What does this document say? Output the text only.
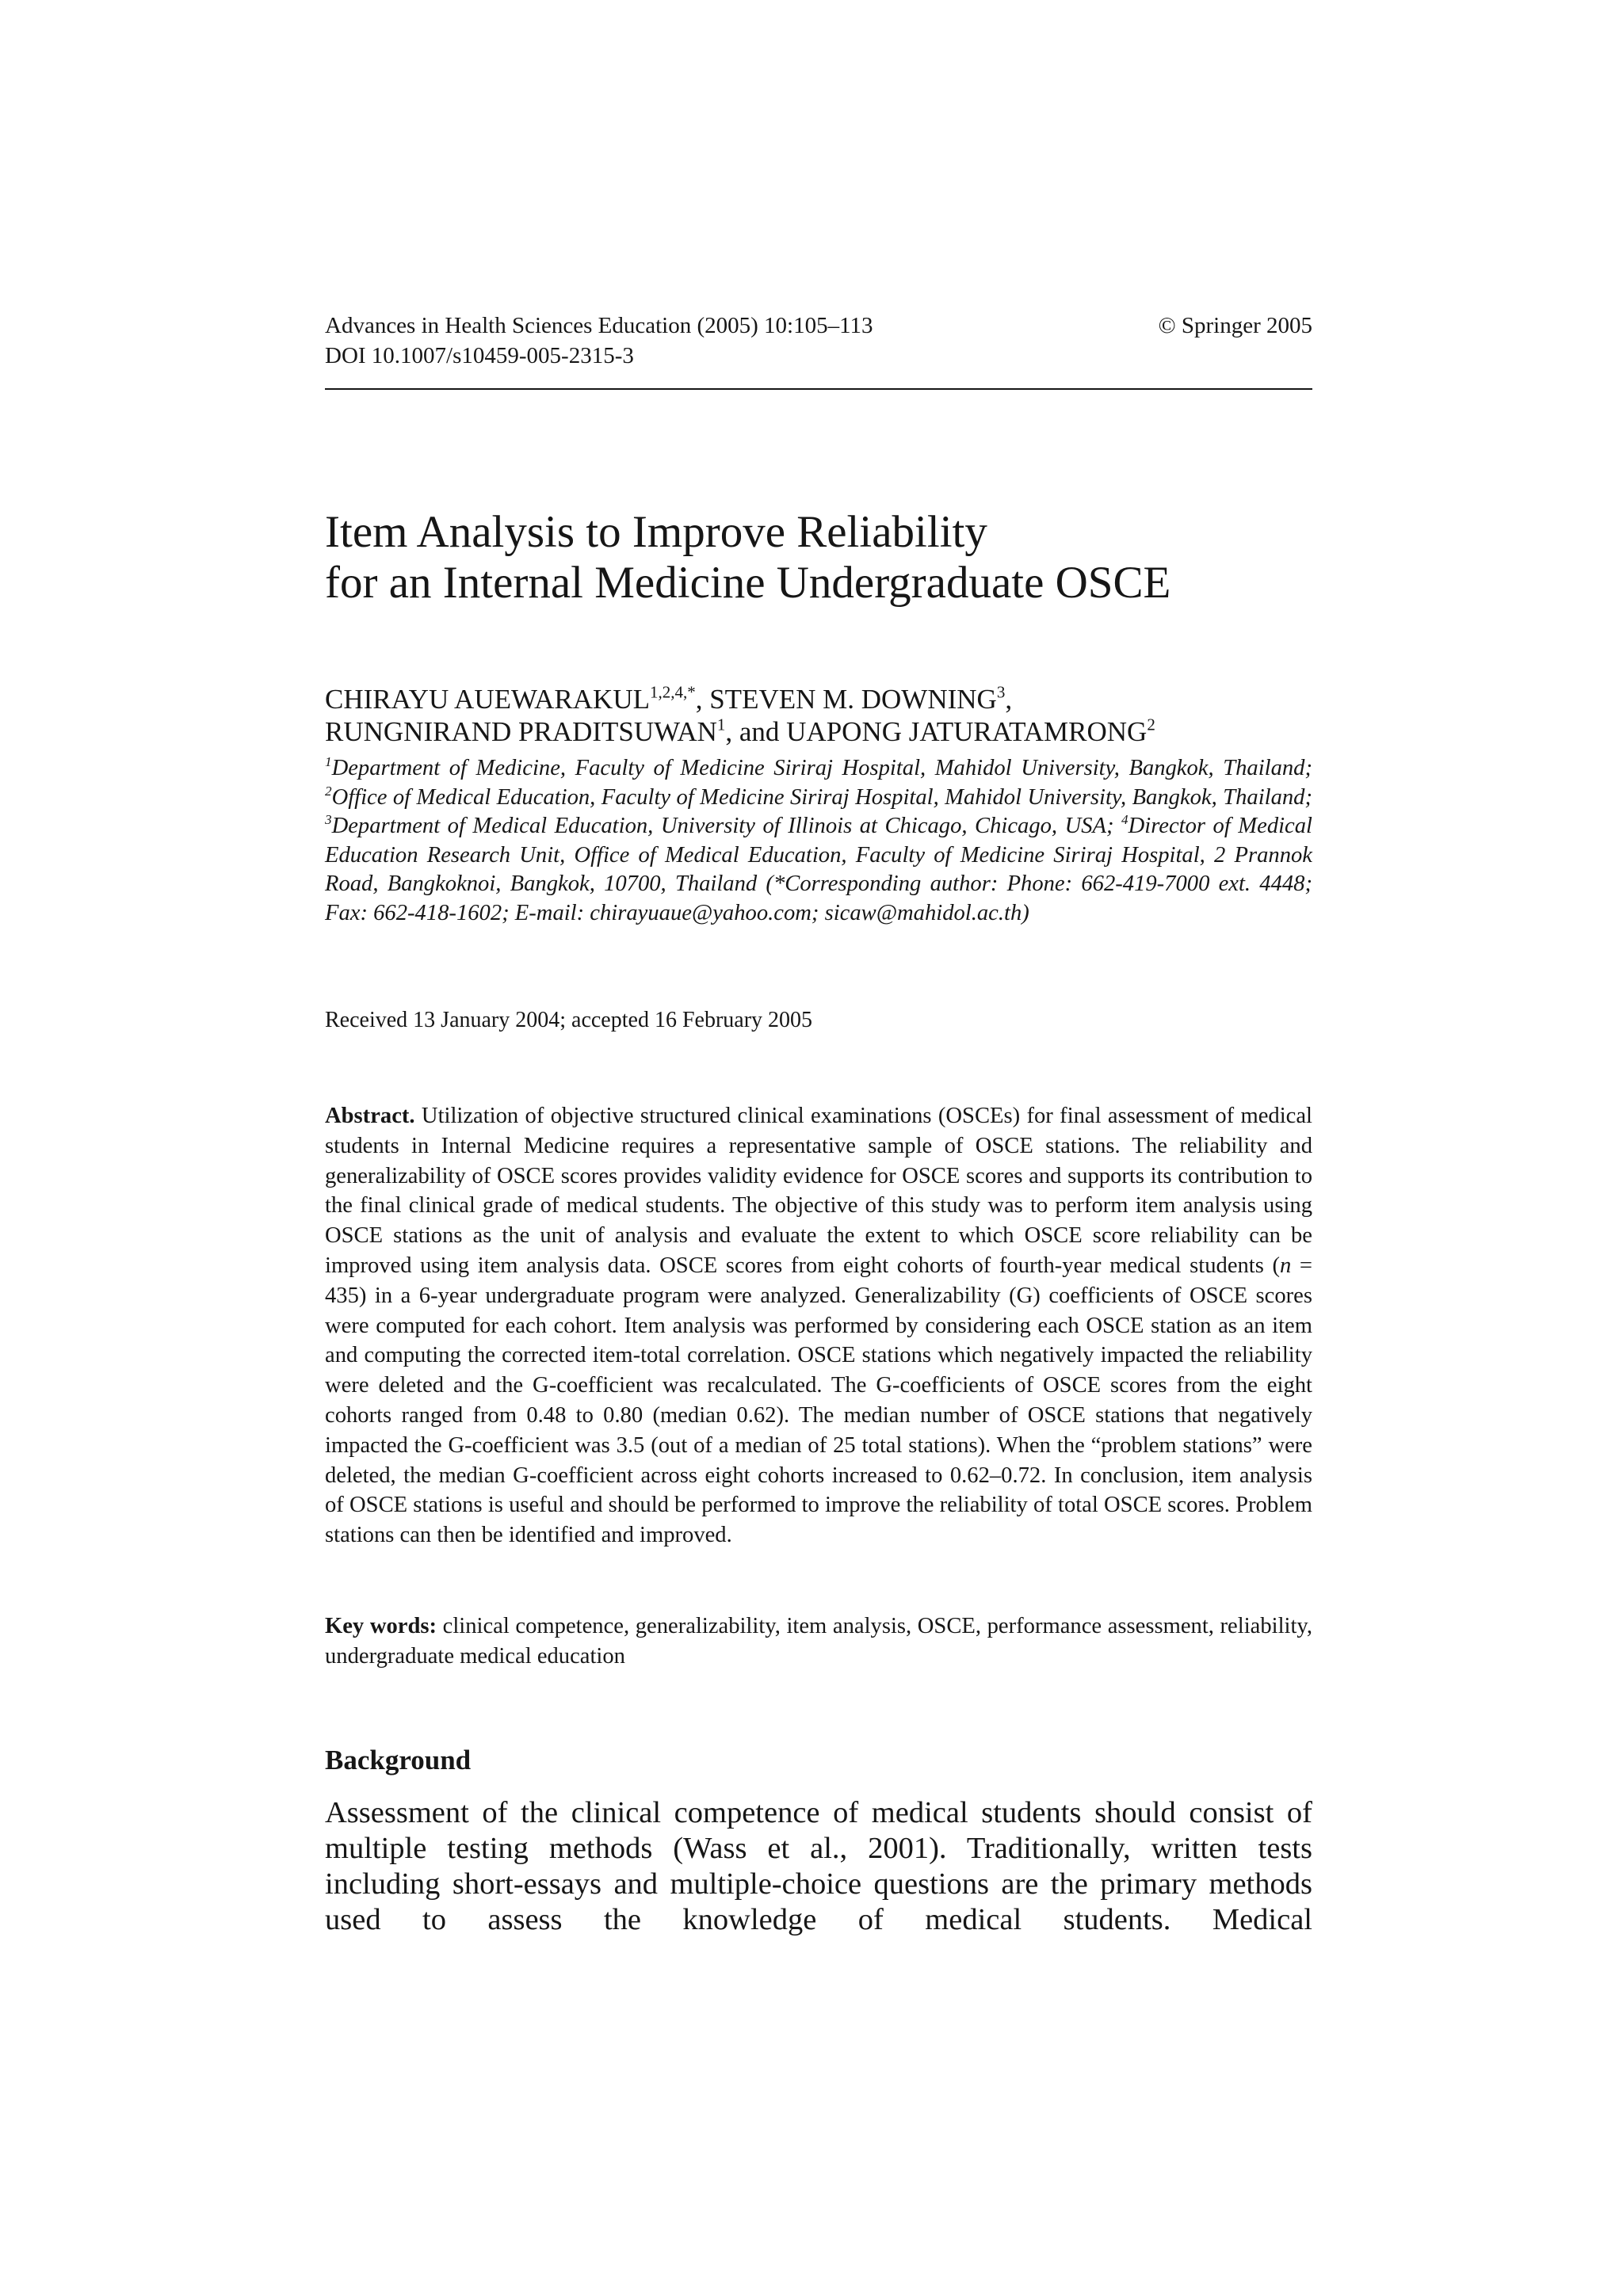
Advances in Health Sciences Education (2005) 10:105–113
DOI 10.1007/s10459-005-2315-3
© Springer 2005
Item Analysis to Improve Reliability
for an Internal Medicine Undergraduate OSCE
CHIRAYU $AUEWARAKUL^{1,2,4,*}$, STEVEN M. DOWNING$^3$,
RUNGNIRAND PRADITSUWAN$^1$, and UAPONG JATURATAMRONG$^2$
$^1$Department of Medicine, Faculty of Medicine Siriraj Hospital, Mahidol University, Bangkok, Thailand; $^2$Office of Medical Education, Faculty of Medicine Siriraj Hospital, Mahidol University, Bangkok, Thailand; $^3$Department of Medical Education, University of Illinois at Chicago, Chicago, USA; $^4$Director of Medical Education Research Unit, Office of Medical Education, Faculty of Medicine Siriraj Hospital, 2 Prannok Road, Bangkoknoi, Bangkok, 10700, Thailand (*Corresponding author: Phone: 662-419-7000 ext. 4448; Fax: 662-418-1602; E-mail: chirayuaue@yahoo.com; sicaw@mahidol.ac.th)
Received 13 January 2004; accepted 16 February 2005

Abstract. Utilization of objective structured clinical examinations (OSCEs) for final assessment of medical students in Internal Medicine requires a representative sample of OSCE stations. The reliability and generalizability of OSCE scores provides validity evidence for OSCE scores and supports its contribution to the final clinical grade of medical students. The objective of this study was to perform item analysis using OSCE stations as the unit of analysis and evaluate the extent to which OSCE score reliability can be improved using item analysis data. OSCE scores from eight cohorts of fourth-year medical students (n = 435) in a 6-year undergraduate program were analyzed. Generalizability (G) coefficients of OSCE scores were computed for each cohort. Item analysis was performed by considering each OSCE station as an item and computing the corrected item-total correlation. OSCE stations which negatively impacted the reliability were deleted and the G-coefficient was recalculated. The G-coefficients of OSCE scores from the eight cohorts ranged from 0.48 to 0.80 (median 0.62). The median number of OSCE stations that negatively impacted the G-coefficient was 3.5 (out of a median of 25 total stations). When the “problem stations” were deleted, the median G-coefficient across eight cohorts increased to 0.62–0.72. In conclusion, item analysis of OSCE stations is useful and should be performed to improve the reliability of total OSCE scores. Problem stations can then be identified and improved.

Key words: clinical competence, generalizability, item analysis, OSCE, performance assessment, reliability, undergraduate medical education

Background

Assessment of the clinical competence of medical students should consist of multiple testing methods (Wass et al., 2001). Traditionally, written tests including short-essays and multiple-choice questions are the primary methods used to assess the knowledge of medical students. Medical
